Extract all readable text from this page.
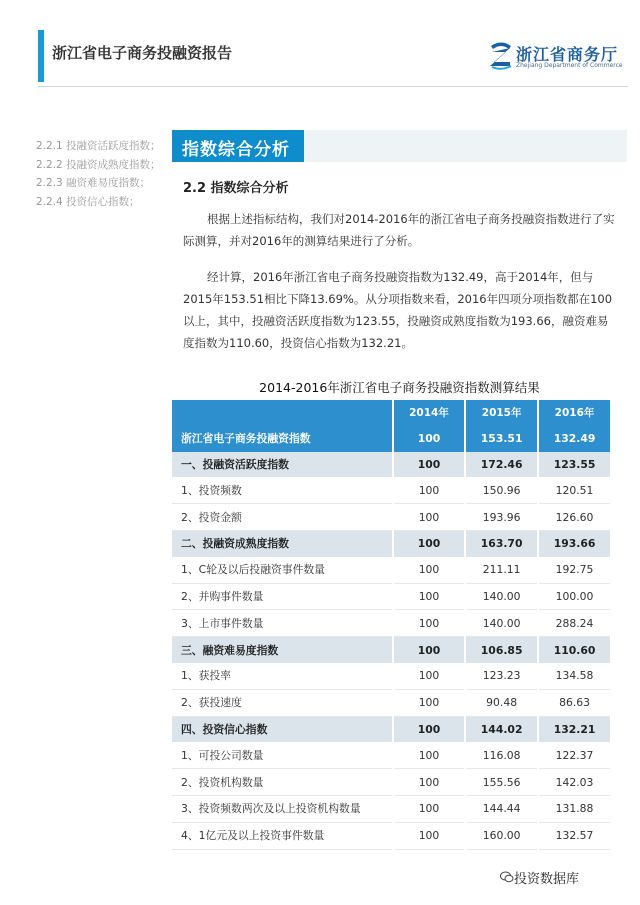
浙江省电子商务投融资报告	浙江省商务厅
Zhejiang Department of Commerce
2.2.1 投融资活跃度指数；
2.2.2 投融资成熟度指数；
2.2.3 融资难易度指数；
2.2.4 投资信心指数；
指数综合分析
2.2 指数综合分析
根据上述指标结构，我们对2014-2016年的浙江省电子商务投融资指数进行了实际测算，并对2016年的测算结果进行了分析。
经计算，2016年浙江省电子商务投融资指数为132.49，高于2014年，但与2015年153.51相比下降13.69%。从分项指数来看，2016年四项分项指数都在100以上，其中，投融资活跃度指数为123.55，投融资成熟度指数为193.66，融资难易度指数为110.60，投资信心指数为132.21。
2014-2016年浙江省电子商务投融资指数测算结果
	2014年	2015年	2016年
浙江省电子商务投融资指数	100	153.51	132.49
一、投融资活跃度指数	100	172.46	123.55
1、投资频数	100	150.96	120.51
2、投资金额	100	193.96	126.60
二、投融资成熟度指数	100	163.70	193.66
1、C轮及以后投融资事件数量	100	211.11	192.75
2、并购事件数量	100	140.00	100.00
3、上市事件数量	100	140.00	288.24
三、融资难易度指数	100	106.85	110.60
1、获投率	100	123.23	134.58
2、获投速度	100	90.48	86.63
四、投资信心指数	100	144.02	132.21
1、可投公司数量	100	116.08	122.37
2、投资机构数量	100	155.56	142.03
3、投资频数两次及以上投资机构数量	100	144.44	131.88
4、1亿元及以上投资事件数量	100	160.00	132.57
投资数据库
